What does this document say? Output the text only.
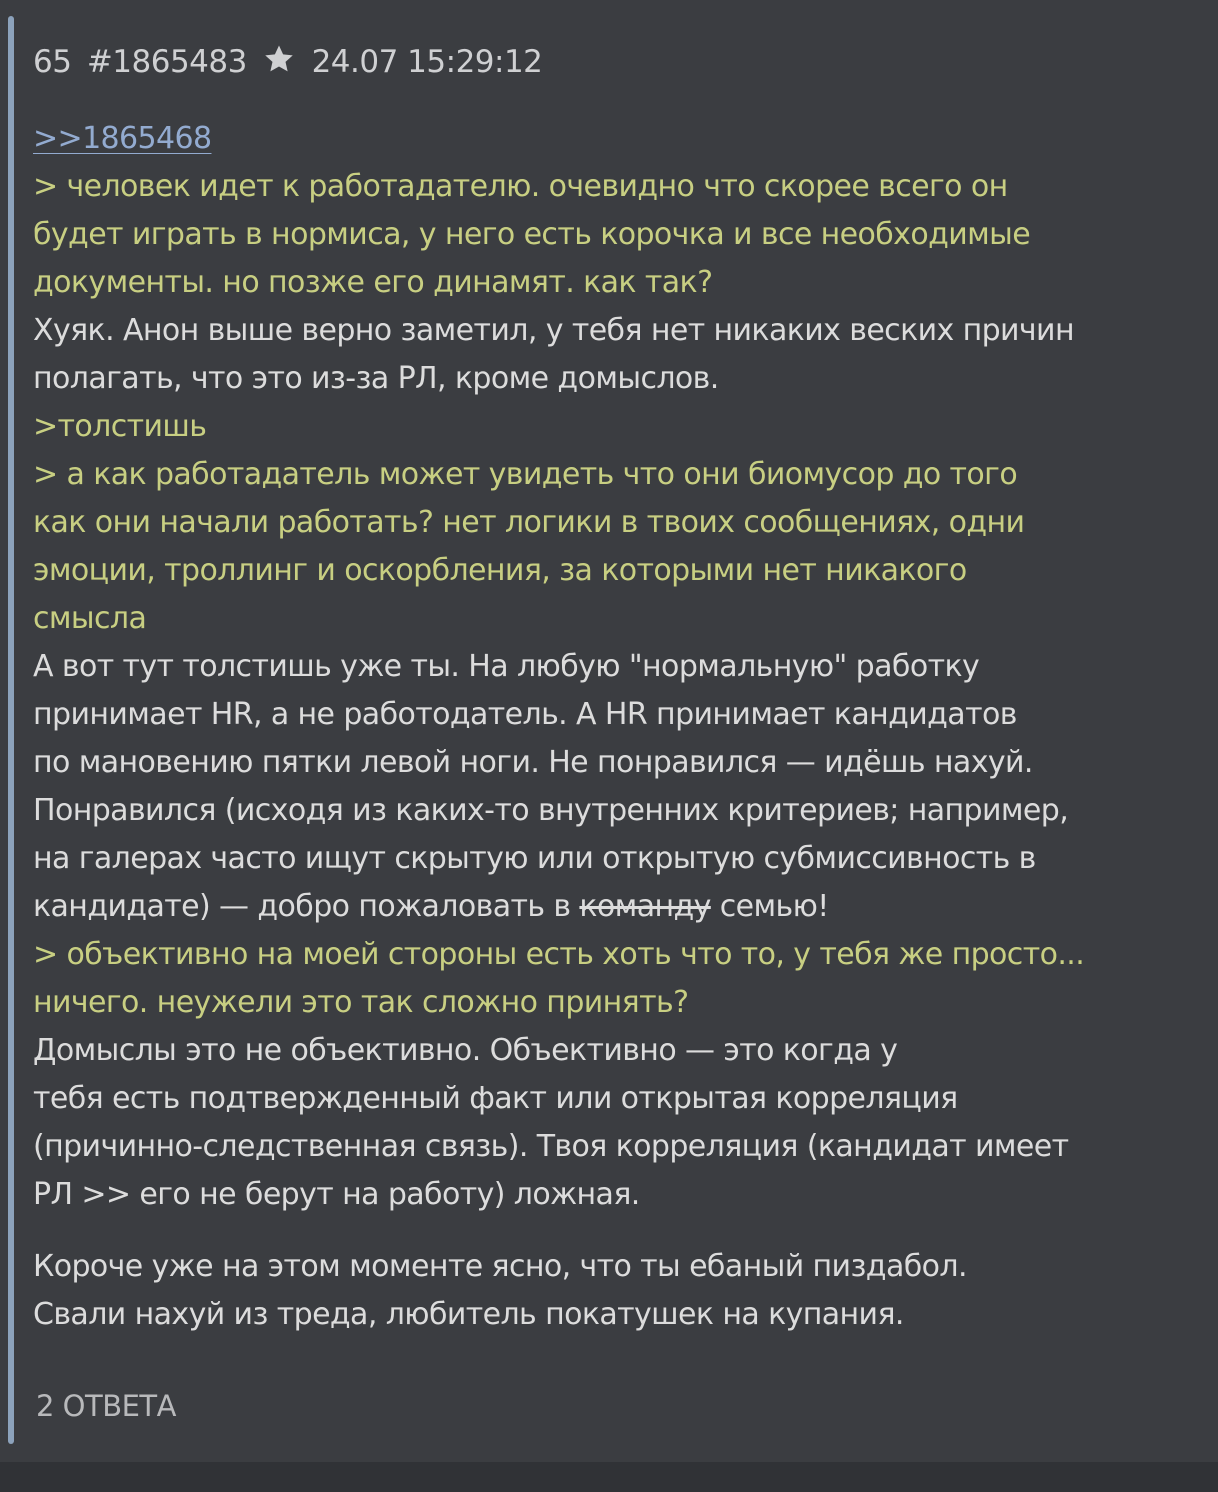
65 #1865483 24.07 15:29:12
>>1865468
> человек идет к работадателю. очевидно что скорее всего он
будет играть в нормиса, у него есть корочка и все необходимые
документы. но позже его динамят. как так?
Хуяк. Анон выше верно заметил, у тебя нет никаких веских причин
полагать, что это из-за РЛ, кроме домыслов.
>толстишь
> а как работадатель может увидеть что они биомусор до того
как они начали работать? нет логики в твоих сообщениях, одни
эмоции, троллинг и оскорбления, за которыми нет никакого
смысла
А вот тут толстишь уже ты. На любую "нормальную" работку
принимает HR, а не работодатель. А HR принимает кандидатов
по мановению пятки левой ноги. Не понравился — идёшь нахуй.
Понравился (исходя из каких-то внутренних критериев; например,
на галерах часто ищут скрытую или открытую субмиссивность в
кандидате) — добро пожаловать в команду семью!
> объективно на моей стороны есть хоть что то, у тебя же просто...
ничего. неужели это так сложно принять?
Домыслы это не объективно. Объективно — это когда у
тебя есть подтвержденный факт или открытая корреляция
(причинно-следственная связь). Твоя корреляция (кандидат имеет
РЛ >> его не берут на работу) ложная.
Короче уже на этом моменте ясно, что ты ебаный пиздабол.
Свали нахуй из треда, любитель покатушек на купания.
2 ОТВЕТА
